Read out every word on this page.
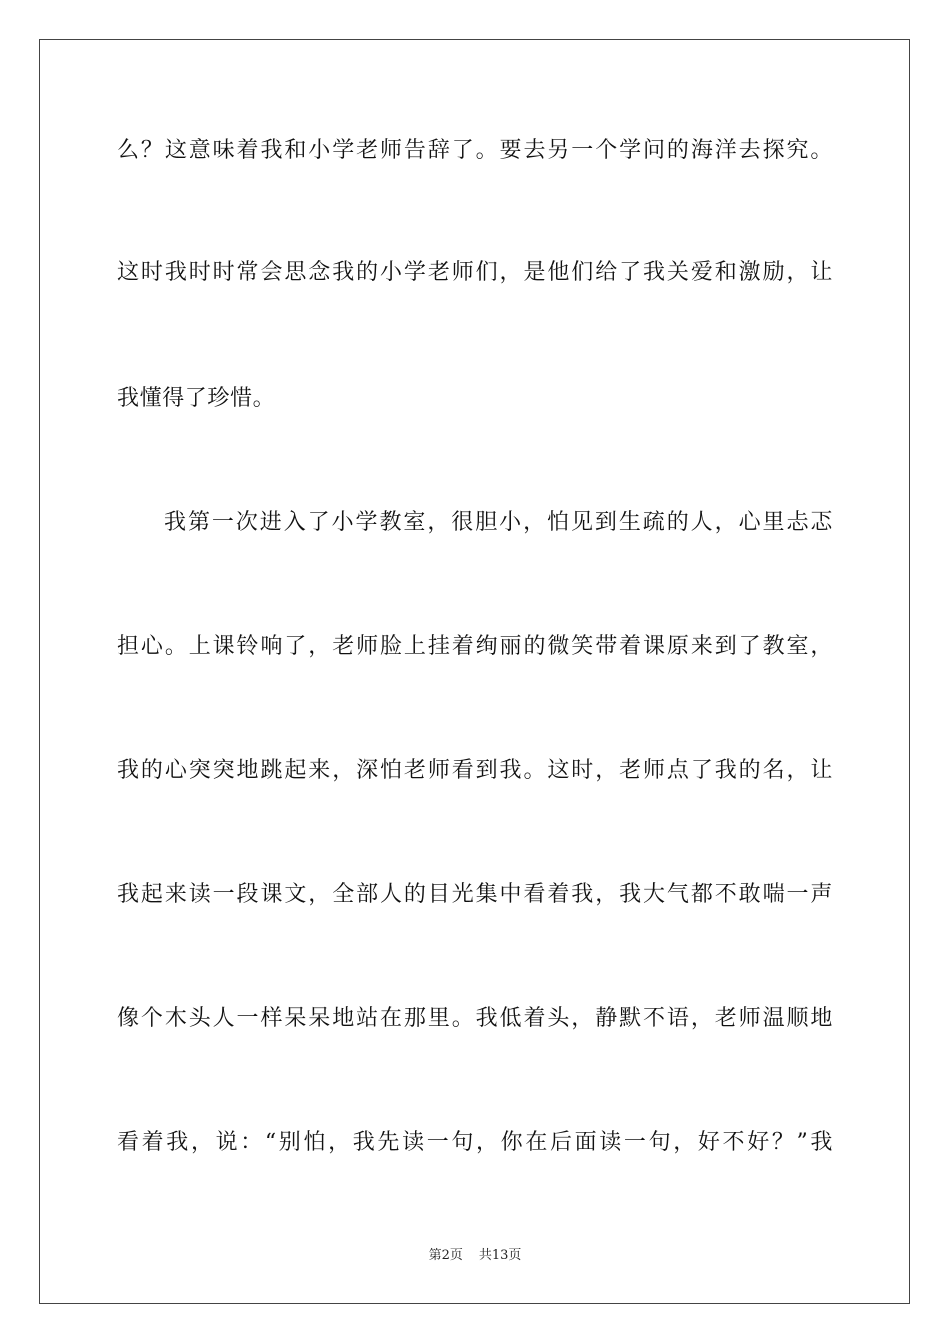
么？这意味着我和小学老师告辞了。要去另一个学问的海洋去探究。
这时我时时常会思念我的小学老师们，是他们给了我关爱和激励，让
我懂得了珍惜。
我第一次进入了小学教室，很胆小，怕见到生疏的人，心里忐忑
担心。上课铃响了，老师脸上挂着绚丽的微笑带着课原来到了教室，
我的心突突地跳起来，深怕老师看到我。这时，老师点了我的名，让
我起来读一段课文，全部人的目光集中看着我，我大气都不敢喘一声
像个木头人一样呆呆地站在那里。我低着头，静默不语，老师温顺地
看着我，说：“别怕，我先读一句，你在后面读一句，好不好？”我
第2页 共13页
